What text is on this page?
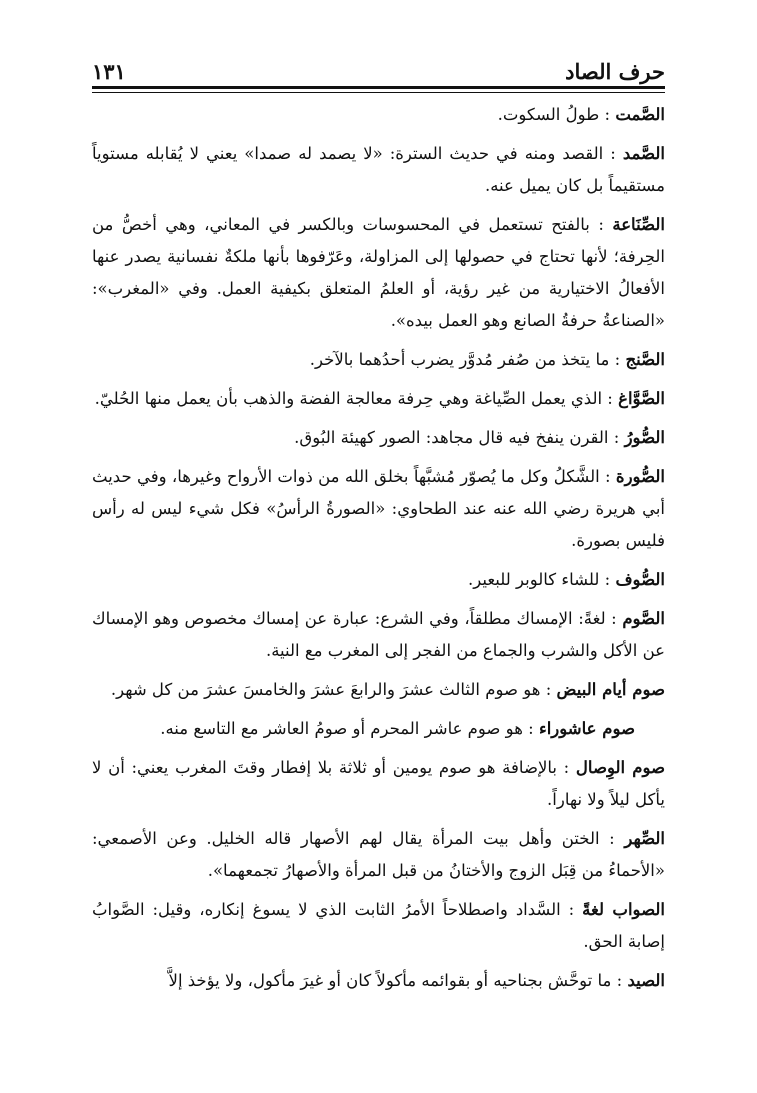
حرف الصاد
١٣١

الصَّمت : طولُ السكوت.

الصَّمد : القصد ومنه في حديث السترة: «لا يصمد له صمدا» يعني لا يُقابله مستوياً مستقيماً بل كان يميل عنه.

الصِّنَاعة : بالفتح تستعمل في المحسوسات وبالكسر في المعاني، وهي أخصُّ من الحِرفة؛ لأنها تحتاج في حصولها إلى المزاولة، وعَرّفوها بأنها ملكةٌ نفسانية يصدر عنها الأفعالُ الاختيارية من غير رؤية، أو العلمُ المتعلق بكيفية العمل. وفي «المغرب»: «الصناعةُ حرفةُ الصانع وهو العمل بيده».

الصَّنج : ما يتخذ من صُفر مُدوَّر يضرب أحدُهما بالآخر.

الصَّوَّاغ : الذي يعمل الصِّياغة وهي حِرفة معالجة الفضة والذهب بأن يعمل منها الحُليّ.

الصُّورُ : القرن ينفخ فيه قال مجاهد: الصور كهيئة البُوق.

الصُّورة : الشَّكلُ وكل ما يُصوّر مُشبَّهاً بخلق الله من ذوات الأرواح وغيرها، وفي حديث أبي هريرة رضي الله عنه عند الطحاوي: «الصورةُ الرأسُ» فكل شيء ليس له رأس فليس بصورة.

الصُّوف : للشاء كالوبر للبعير.

الصَّوم : لغةً: الإمساك مطلقاً، وفي الشرع: عبارة عن إمساك مخصوص وهو الإمساك عن الأكل والشرب والجماع من الفجر إلى المغرب مع النية.

صوم أيام البيض : هو صوم الثالث عشرَ والرابعَ عشرَ والخامسَ عشرَ من كل شهر.

صوم عاشوراء : هو صوم عاشر المحرم أو صومُ العاشر مع التاسع منه.

صوم الوِصال : بالإضافة هو صوم يومين أو ثلاثة بلا إفطار وقتَ المغرب يعني: أن لا يأكل ليلاً ولا نهاراً.

الصِّهر : الختن وأهل بيت المرأة يقال لهم الأصهار قاله الخليل. وعن الأصمعي: «الأحماءُ من قِبَل الزوج والأختانُ من قبل المرأة والأصهارُ تجمعهما».

الصواب لغةً : السَّداد واصطلاحاً الأمرُ الثابت الذي لا يسوغ إنكاره، وقيل: الصَّوابُ إصابة الحق.

الصيد : ما توحَّش بجناحيه أو بقوائمه مأكولاً كان أو غيرَ مأكول، ولا يؤخذ إلاَّ
